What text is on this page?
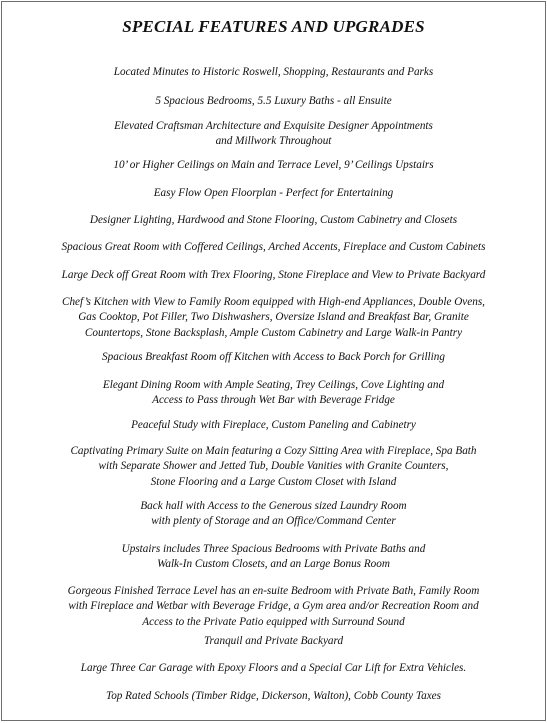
SPECIAL FEATURES AND UPGRADES
Located Minutes to Historic Roswell, Shopping, Restaurants and Parks
5 Spacious Bedrooms, 5.5 Luxury Baths - all Ensuite
Elevated Craftsman Architecture and Exquisite Designer Appointments
and Millwork Throughout
10’ or Higher Ceilings on Main and Terrace Level, 9’ Ceilings Upstairs
Easy Flow Open Floorplan - Perfect for Entertaining
Designer Lighting, Hardwood and Stone Flooring, Custom Cabinetry and Closets
Spacious Great Room with Coffered Ceilings, Arched Accents, Fireplace and Custom Cabinets
Large Deck off Great Room with Trex Flooring, Stone Fireplace and View to Private Backyard
Chef’s Kitchen with View to Family Room equipped with High-end Appliances, Double Ovens,
Gas Cooktop, Pot Filler, Two Dishwashers, Oversize Island and Breakfast Bar, Granite
Countertops, Stone Backsplash, Ample Custom Cabinetry and Large Walk-in Pantry
Spacious Breakfast Room off Kitchen with Access to Back Porch for Grilling
Elegant Dining Room with Ample Seating, Trey Ceilings, Cove Lighting and
Access to Pass through Wet Bar with Beverage Fridge
Peaceful Study with Fireplace, Custom Paneling and Cabinetry
Captivating Primary Suite on Main featuring a Cozy Sitting Area with Fireplace, Spa Bath
with Separate Shower and Jetted Tub, Double Vanities with Granite Counters,
Stone Flooring and a Large Custom Closet with Island
Back hall with Access to the Generous sized Laundry Room
with plenty of Storage and an Office/Command Center
Upstairs includes Three Spacious Bedrooms with Private Baths and
Walk-In Custom Closets, and an Large Bonus Room
Gorgeous Finished Terrace Level has an en-suite Bedroom with Private Bath, Family Room
with Fireplace and Wetbar with Beverage Fridge, a Gym area and/or Recreation Room and
Access to the Private Patio equipped with Surround Sound
Tranquil and Private Backyard
Large Three Car Garage with Epoxy Floors and a Special Car Lift for Extra Vehicles.
Top Rated Schools (Timber Ridge, Dickerson, Walton), Cobb County Taxes
